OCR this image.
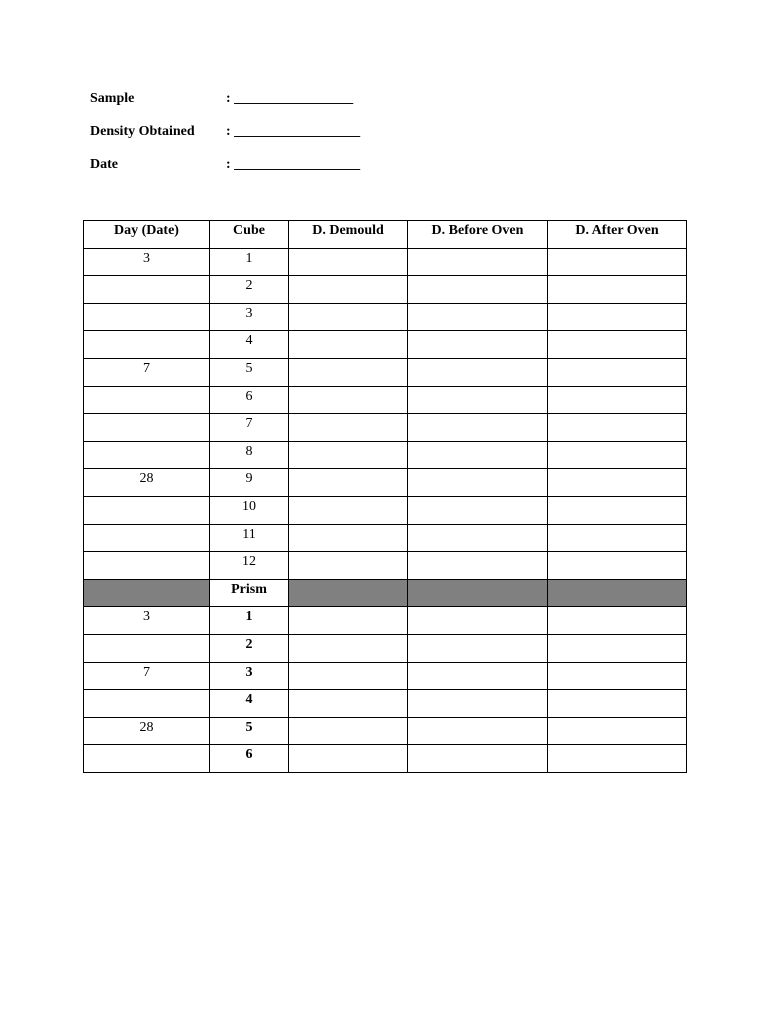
Sample	: _________________
Density Obtained : __________________
Date	: __________________
Day (Date)	Cube	D. Demould	D. Before Oven	D. After Oven
3	1			
	2			
	3			
	4			
7	5			
	6			
	7			
	8			
28	9			
	10			
	11			
	12			
	Prism			
3	1			
	2			
7	3			
	4			
28	5			
	6			
